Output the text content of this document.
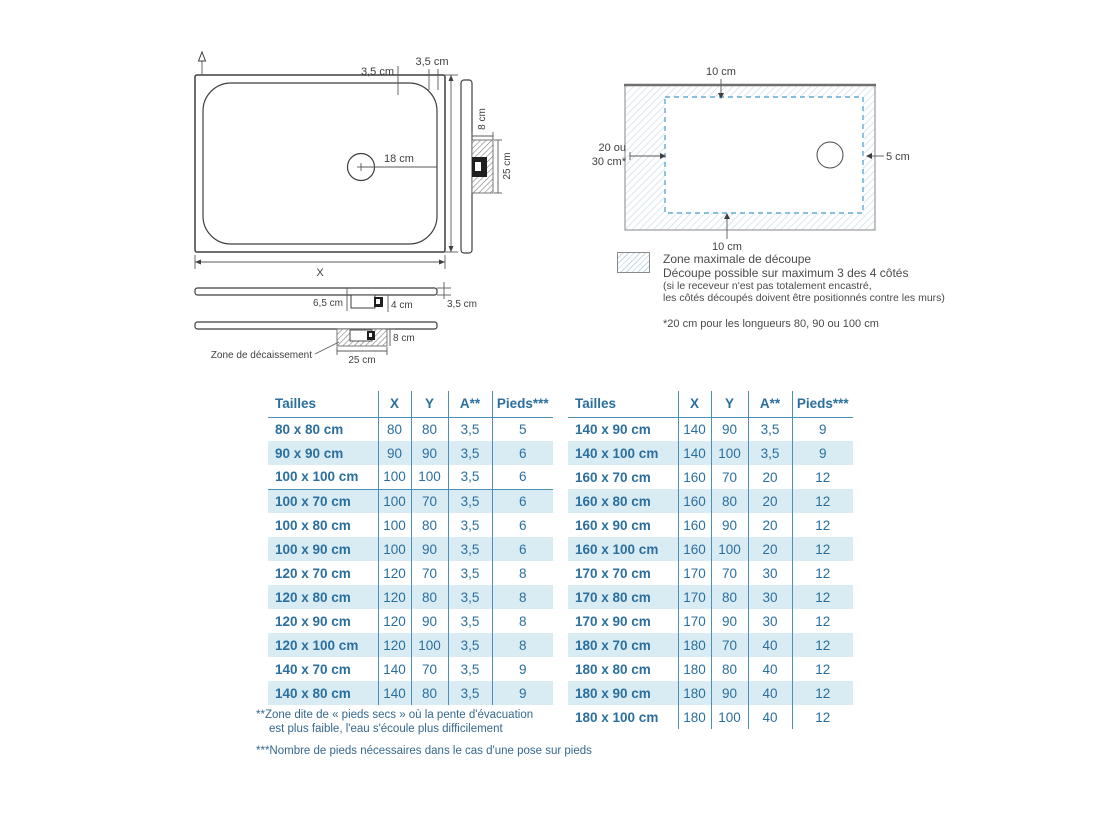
3,5 cm
3,5 cm
18 cm
X
8 cm
25 cm
3,5 cm
6,5 cm	4 cm
8 cm
25 cm
Zone de décaissement
10 cm
10 cm
20 ou
30 cm*	5 cm
Zone maximale de découpe
Découpe possible sur maximum 3 des 4 côtés
(si le receveur n'est pas totalement encastré,
les côtés découpés doivent être positionnés contre les murs)
*20 cm pour les longueurs 80, 90 ou 100 cm
Tailles	X	Y	A**	Pieds***
80 x 80 cm	80	80	3,5	5
90 x 90 cm	90	90	3,5	6
100 x 100 cm	100	100	3,5	6
100 x 70 cm	100	70	3,5	6
100 x 80 cm	100	80	3,5	6
100 x 90 cm	100	90	3,5	6
120 x 70 cm	120	70	3,5	8
120 x 80 cm	120	80	3,5	8
120 x 90 cm	120	90	3,5	8
120 x 100 cm	120	100	3,5	8
140 x 70 cm	140	70	3,5	9
140 x 80 cm	140	80	3,5	9
Tailles	X	Y	A**	Pieds***
140 x 90 cm	140	90	3,5	9
140 x 100 cm	140	100	3,5	9
160 x 70 cm	160	70	20	12
160 x 80 cm	160	80	20	12
160 x 90 cm	160	90	20	12
160 x 100 cm	160	100	20	12
170 x 70 cm	170	70	30	12
170 x 80 cm	170	80	30	12
170 x 90 cm	170	90	30	12
180 x 70 cm	180	70	40	12
180 x 80 cm	180	80	40	12
180 x 90 cm	180	90	40	12
180 x 100 cm	180	100	40	12
**Zone dite de « pieds secs » où la pente d'évacuation
est plus faible, l'eau s'écoule plus difficilement
***Nombre de pieds nécessaires dans le cas d'une pose sur pieds
